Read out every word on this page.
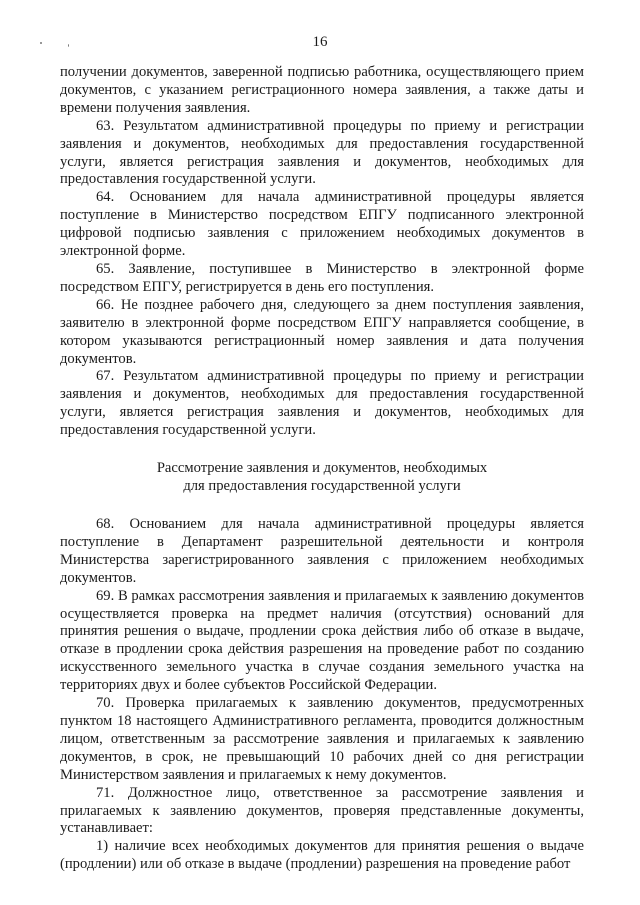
16

получении документов, заверенной подписью работника, осуществляющего прием документов, с указанием регистрационного номера заявления, а также даты и времени получения заявления.

63. Результатом административной процедуры по приему и регистрации заявления и документов, необходимых для предоставления государственной услуги, является регистрация заявления и документов, необходимых для предоставления государственной услуги.

64. Основанием для начала административной процедуры является поступление в Министерство посредством ЕПГУ подписанного электронной цифровой подписью заявления с приложением необходимых документов в электронной форме.

65. Заявление, поступившее в Министерство в электронной форме посредством ЕПГУ, регистрируется в день его поступления.

66. Не позднее рабочего дня, следующего за днем поступления заявления, заявителю в электронной форме посредством ЕПГУ направляется сообщение, в котором указываются регистрационный номер заявления и дата получения документов.

67. Результатом административной процедуры по приему и регистрации заявления и документов, необходимых для предоставления государственной услуги, является регистрация заявления и документов, необходимых для предоставления государственной услуги.

Рассмотрение заявления и документов, необходимых
для предоставления государственной услуги

68. Основанием для начала административной процедуры является поступление в Департамент разрешительной деятельности и контроля Министерства зарегистрированного заявления с приложением необходимых документов.

69. В рамках рассмотрения заявления и прилагаемых к заявлению документов осуществляется проверка на предмет наличия (отсутствия) оснований для принятия решения о выдаче, продлении срока действия либо об отказе в выдаче, отказе в продлении срока действия разрешения на проведение работ по созданию искусственного земельного участка в случае создания земельного участка на территориях двух и более субъектов Российской Федерации.

70. Проверка прилагаемых к заявлению документов, предусмотренных пунктом 18 настоящего Административного регламента, проводится должностным лицом, ответственным за рассмотрение заявления и прилагаемых к заявлению документов, в срок, не превышающий 10 рабочих дней со дня регистрации Министерством заявления и прилагаемых к нему документов.

71. Должностное лицо, ответственное за рассмотрение заявления и прилагаемых к заявлению документов, проверяя представленные документы, устанавливает:

1) наличие всех необходимых документов для принятия решения о выдаче (продлении) или об отказе в выдаче (продлении) разрешения на проведение работ
